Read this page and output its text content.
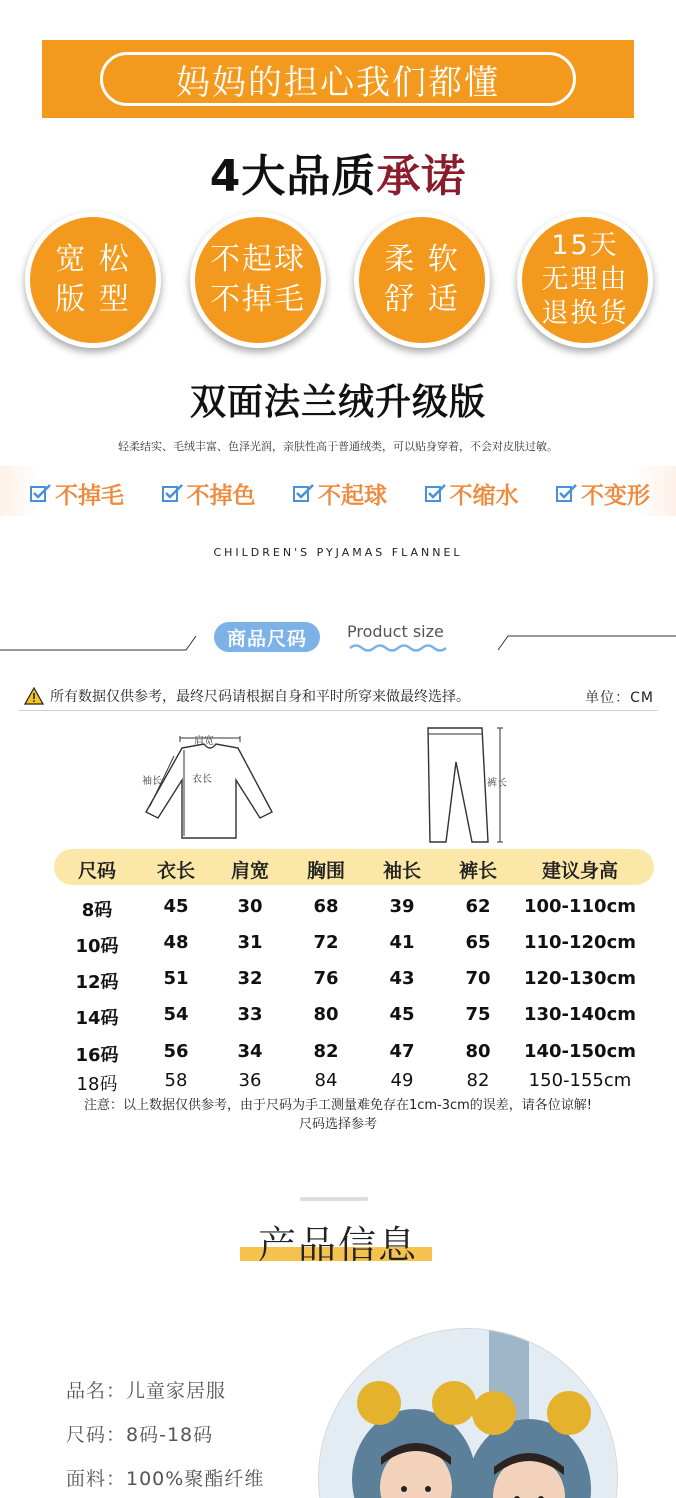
妈妈的担心我们都懂
4大品质承诺
宽 松
版 型
不起球
不掉毛
柔 软
舒 适
15天
无理由
退换货
双面法兰绒升级版
轻柔结实、毛绒丰富、色泽光润，亲肤性高于普通绒类，可以贴身穿着，不会对皮肤过敏。
不掉毛	不掉色	不起球	不缩水	不变形
CHILDREN'S PYJAMAS FLANNEL
商品尺码	Product size
所有数据仅供参考，最终尺码请根据自身和平时所穿来做最终选择。	单位：CM
肩宽
袖长	衣长	裤长
尺码	衣长	肩宽	胸围	袖长	裤长	建议身高
8码	45	30	68	39	62	100-110cm
10码	48	31	72	41	65	110-120cm
12码	51	32	76	43	70	120-130cm
14码	54	33	80	45	75	130-140cm
16码	56	34	82	47	80	140-150cm
18码	58	36	84	49	82	150-155cm
注意：以上数据仅供参考，由于尺码为手工测量难免存在1cm-3cm的误差，请各位谅解!
尺码选择参考
产品信息
品名：儿童家居服
尺码：8码-18码
面料：100%聚酯纤维
